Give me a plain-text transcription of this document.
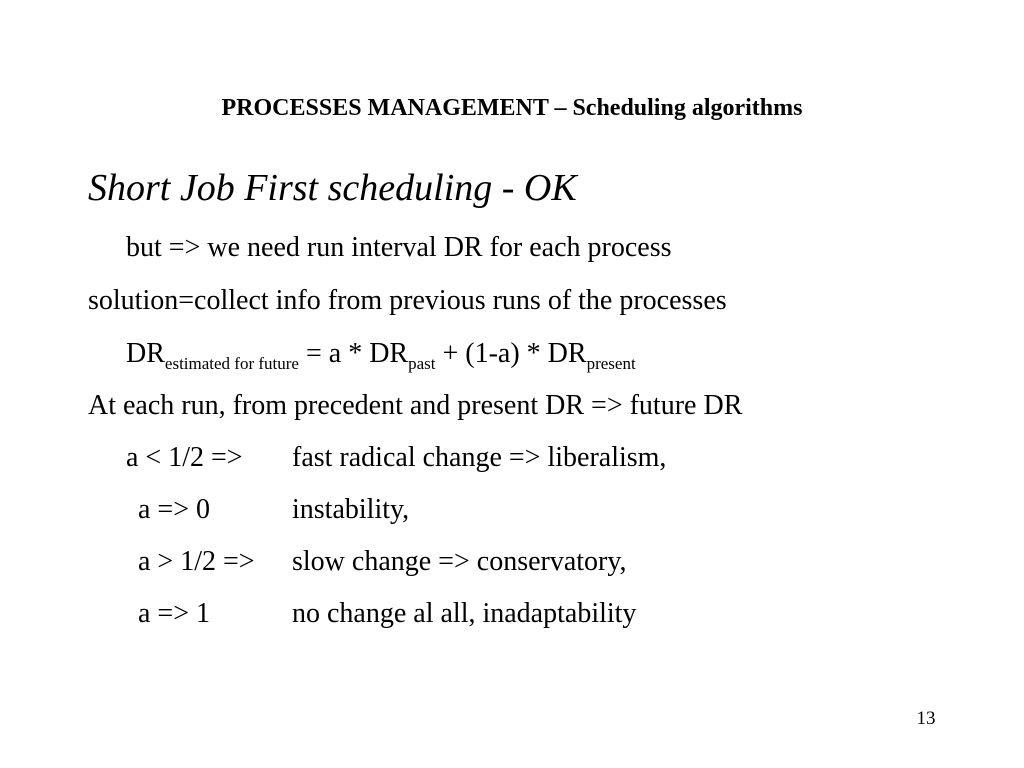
PROCESSES MANAGEMENT – Scheduling algorithms
Short Job First scheduling - OK
but => we need run interval DR for each process
solution=collect info from previous runs of the processes
$DR_{estimated for future} = a * DR_{past} + (1-a) * DR_{present}$
At each run, from precedent and present DR => future DR
a < 1/2 => fast radical change => liberalism,
a => 0	instability,
a > 1/2 => slow change => conservatory,
a => 1	no change al all, inadaptability
13
